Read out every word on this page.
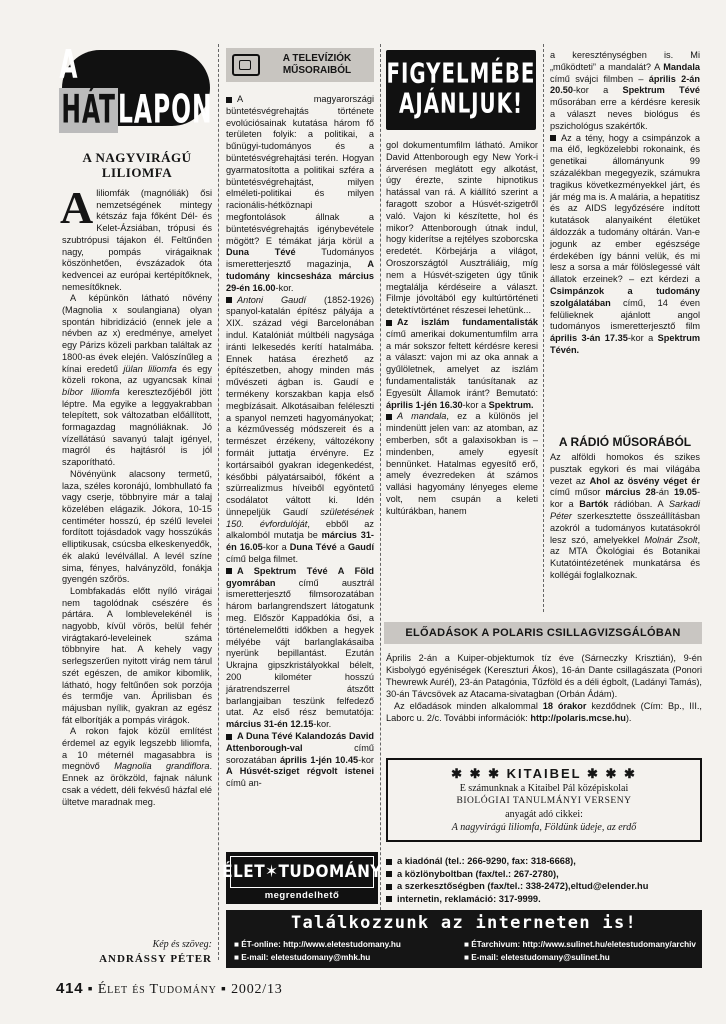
A HÁTLAPON
A NAGYVIRÁGÚ
LILIOMFA

Aliliomfák (magnóliák) ősi nemzetségének mintegy kétszáz faja főként Dél- és Kelet-Ázsiában, trópusi és szubtrópusi tájakon él. Feltűnően nagy, pompás virágaiknak köszönhetően, évszázadok óta kedvencei az európai kertépítőknek, nemesítőknek.

A képünkön látható növény (Magnolia x soulangiana) olyan spontán hibridizáció (ennek jele a névben az x) eredménye, amelyet egy Párizs közeli parkban találtak az 1800-as évek elején. Valószínűleg a kínai eredetű jülan liliomfa és egy közeli rokona, az ugyancsak kínai bíbor liliomfa keresztezőjéből jött léptre. Ma egyike a leggyakrabban telepített, sok változatban előállított, formagazdag magnóliáknak. Jó vízellátású savanyú talajt igényel, magról és hajtásról is jól szaporítható.

Növényünk alacsony termetű, laza, széles koronájú, lombhullató fa vagy cserje, többnyire már a talaj közelében elágazik. Jókora, 10-15 centiméter hosszú, ép szélű levelei fordított tojásdadok vagy hosszúkás elliptikusak, csúcsba elkeskenyedők, ék alakú levélvállal. A levél színe sima, fényes, halványzöld, fonákja gyengén szőrös.

Lombfakadás előtt nyíló virágai nem tagolódnak csészére és pártára. A lomblevelekénél is nagyobb, kívül vörös, belül fehér virágtakaró-leveleinek száma többnyire hat. A kehely vagy serlegszerűen nyitott virág nem tárul szét egészen, de amikor kibomlik, látható, hogy feltűnően sok porzója és termője van. Áprilisban és májusban nyílik, gyakran az egész fát elborítják a pompás virágok.

A rokon fajok közül említést érdemel az egyik legszebb liliomfa, a 10 méternél magasabbra is megnövő Magnolia grandiflora. Ennek az örökzöld, fajnak nálunk csak a védett, déli fekvésű házfal elé ültetve maradnak meg.

Kép és szöveg:
ANDRÁSSY PÉTER
A TELEVÍZIÓK
MŰSORAIBÓL

A magyarországi büntetésvégrehajtás története evolúciósainak kutatása három fő területen folyik: a politikai, a bűnügyi-tudományos és a büntetésvégrehajtási terén. Hogyan gyarmatosította a politikai szféra a büntetésvégrehajtást, milyen elméleti-politikai és milyen racionális-hétköznapi megfontolások állnak a büntetésvégrehajtás igénybevétele mögött? E témákat járja körül a Duna Tévé Tudományos ismeretterjesztő magazinja, A tudomány kincsesháza március 29-én 16.00-kor.

Antoni Gaudí (1852-1926) spanyol-katalán építész pályája a XIX. század végi Barcelonában indul. Katalóniát múltbéli nagysága iránti lelkesedés kerítí hatalmába. Ennek hatása érezhető az építészetben, ahogy minden más művészeti ágban is. Gaudí e termékeny korszakban kapja első megbízásait. Alkotásaiban feléleszti a spanyol nemzeti hagyományokat; a kézművesség módszereit és a természet érzékeny, változékony formáit juttatja érvényre. Ez kortársaiból gyakran idegenkedést, későbbi pályatársaiból, főként a szürrealizmus híveiből egyöntetű csodálatot váltott ki. Idén ünnepeljük Gaudí születésének 150. évfordulóját, ebből az alkalomból mutatja be március 31-én 16.05-kor a Duna Tévé a Gaudí című belga filmet.

A Spektrum Tévé A Föld gyomrában című ausztrál ismeretterjesztő filmsorozatában három barlangrendszert látogatunk meg. Először Kappadókia ősi, a történelemelőtti időkben a hegyek mélyébe vájt barlanglakásaiba nyerünk bepillantást. Ezután Ukrajna gipszkristályokkal bélelt, 200 kilométer hosszú járatrendszerrel átszőtt barlangjaiban teszünk felfedező utat. Az első rész bemutatója: március 31-én 12.15-kor.

A Duna Tévé Kalandozás David Attenborough-val című sorozatában április 1-jén 10.45-kor A Húsvét-sziget régvolt istenei címû an-

FIGYELMÉBE
AJÁNLJUK!

gol dokumentumfilm látható. Amikor David Attenborough egy New York-i árverésen meglátott egy alkotást, úgy érezte, szinte hipnotikus hatással van rá. A kiállító szerint a faragott szobor a Húsvét-szigetről való. Vajon ki készítette, hol és mikor? Attenborough útnak indul, hogy kiderítse a rejtélyes szoborcska eredetét. Körbejárja a világot, Oroszországtól Ausztráliáig, míg nem a Húsvét-szigeten úgy tűnik megtalálja kérdéseire a választ. Filmje jóvoltából egy kultúrtörténeti detektívtörténet részesei lehetünk...

Az iszlám fundamentalisták című amerikai dokumentumfilm arra a már sokszor feltett kérdésre keresi a választ: vajon mi az oka annak a gyűlöletnek, amelyet az iszlám fundamentalisták tanúsítanak az Egyesült Államok iránt? Bemutató: április 1-jén 16.30-kor a Spektrum.

A mandala, ez a különös jel mindenütt jelen van: az atomban, az emberben, sőt a galaxisokban is – mindenben, amely egyesít bennünket. Hatalmas egyesítő erő, amely évezredeken át számos vallási hagyomány lényeges eleme volt, nem csupán a keleti kultúrákban, hanem

a kereszténységben is. Mi „működteti” a mandalát? A Mandala című svájci filmben – április 2-án 20.50-kor a Spektrum Tévé műsorában erre a kérdésre keresik a választ neves biológus és pszichológus szakértők.

Az a tény, hogy a csimpánzok a ma élő, legközelebbi rokonaink, és genetikai állományunk 99 százalékban megegyezik, számukra tragikus következményekkel járt, és jár még ma is. A malária, a hepatitisz és az AIDS legyőzésére indított kutatások alanyaiként életüket áldozzák a tudomány oltárán. Van-e jogunk az ember egészsége érdekében így bánni velük, és mi lesz a sorsa a már fölöslegessé vált állatok erzeinek? – ezt kérdezi a Csimpánzok a tudomány szolgálatában című, 14 éven felülieknek ajánlott angol tudományos ismeretterjesztő film április 3-án 17.35-kor a Spektrum Tévén.

A RÁDIÓ MŰSORÁBÓL
Az alföldi homokos és szikes pusztak egykori és mai világába vezet az Ahol az ösvény véget ér című műsor március 28-án 19.05-kor a Bartók rádióban. A Sarkadi Péter szerkesztette összeállításban azokról a tudományos kutatásokról lesz szó, amelyekkel Molnár Zsolt, az MTA Ökológiai és Botanikai Kutatóintézetének munkatársa és kollégái foglalkoznak.
ELŐADÁSOK A POLARIS CSILLAGVIZSGÁLÓBAN

Április 2-án a Kuiper-objektumok tíz éve (Sárneczky Krisztián), 9-én Kisbolygó egyéniségek (Kereszturi Ákos), 16-án Dante csillagászata (Ponori Thewrewk Aurél), 23-án Patagónia, Tűzföld és a déli égbolt, (Ladányi Tamás), 30-án Távcsövek az Atacama-sivatagban (Orbán Ádám).

Az előadások minden alkalommal 18 órakor kezdődnek (Cím: Bp., III., Laborc u. 2/c. További információk: http://polaris.mcse.hu).

✱ ✱ ✱ KITAIBEL ✱ ✱ ✱
E számunknak a Kitaibel Pál középiskolai
BIOLÓGIAI TANULMÁNYI VERSENY
anyagát adó cikkei:
A nagyvirágú liliomfa, Földünk üdeje, az erdő
ÉLET✶TUDOMÁNY
megrendelhető
a kiadónál (tel.: 266-9290, fax: 318-6668),
a közlönyboltban (fax/tel.: 267-2780),
a szerkesztőségben (fax/tel.: 338-2472),eltud@elender.hu
internetin, reklamáció: 317-9999.
Találkozzunk az interneten is!
■ ÉT-online: http://www.eletestudomany.hu	■ ÉTarchivum: http://www.sulinet.hu/eletestudomany/archiv
■ E-mail: eletestudomany@mhk.hu	■ E-mail: eletestudomany@sulinet.hu
414 ▪ Élet és Tudomány ▪ 2002/13
